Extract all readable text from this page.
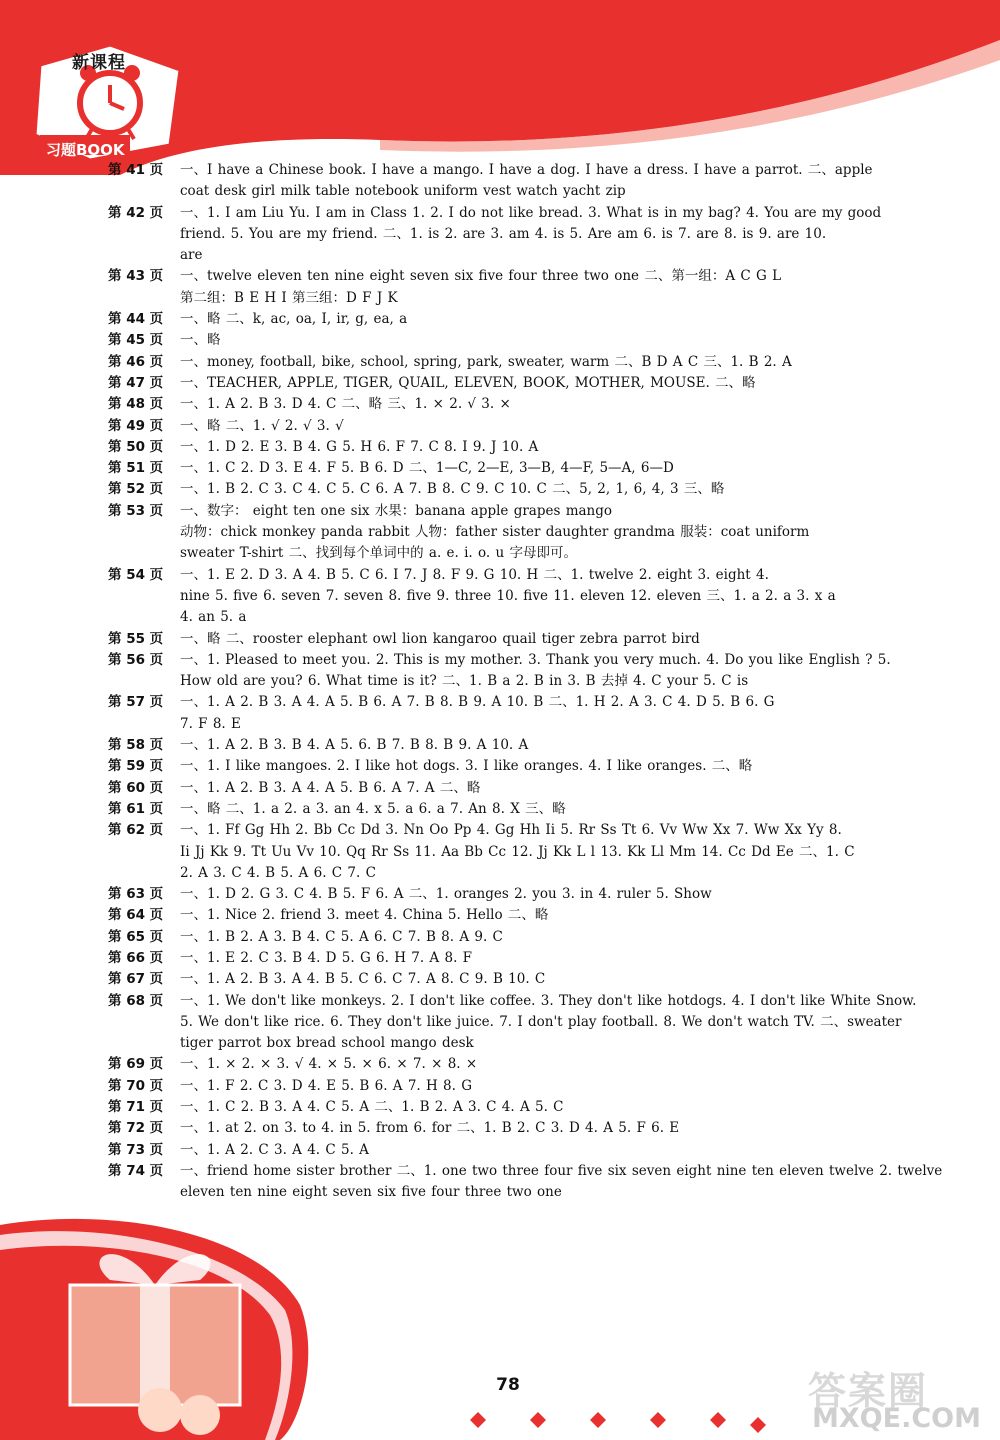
新课程
习题BOOK
第 41 页	一、I have a Chinese book. I have a mango. I have a dog. I have a dress. I have a parrot. 二、apple
coat desk girl milk table notebook uniform vest watch yacht zip
第 42 页	一、1. I am Liu Yu. I am in Class 1. 2. I do not like bread. 3. What is in my bag? 4. You are my good
friend. 5. You are my friend. 二、1. is 2. are 3. am 4. is 5. Are am 6. is 7. are 8. is 9. are 10.
are
第 43 页	一、twelve eleven ten nine eight seven six five four three two one 二、第一组：A C G L
第二组：B E H I 第三组：D F J K
第 44 页	一、略 二、k, ac, oa, I, ir, g, ea, a
第 45 页	一、略
第 46 页	一、money, football, bike, school, spring, park, sweater, warm 二、B D A C 三、1. B 2. A
第 47 页	一、TEACHER, APPLE, TIGER, QUAIL, ELEVEN, BOOK, MOTHER, MOUSE. 二、略
第 48 页	一、1. A 2. B 3. D 4. C 二、略 三、1. × 2. √ 3. ×
第 49 页	一、略 二、1. √ 2. √ 3. √
第 50 页	一、1. D 2. E 3. B 4. G 5. H 6. F 7. C 8. I 9. J 10. A
第 51 页	一、1. C 2. D 3. E 4. F 5. B 6. D 二、1—C, 2—E, 3—B, 4—F, 5—A, 6—D
第 52 页	一、1. B 2. C 3. C 4. C 5. C 6. A 7. B 8. C 9. C 10. C 二、5, 2, 1, 6, 4, 3 三、略
第 53 页	一、数字： eight ten one six 水果：banana apple grapes mango
动物：chick monkey panda rabbit 人物：father sister daughter grandma 服装：coat uniform
sweater T-shirt 二、找到每个单词中的 a. e. i. o. u 字母即可。
第 54 页	一、1. E 2. D 3. A 4. B 5. C 6. I 7. J 8. F 9. G 10. H 二、1. twelve 2. eight 3. eight 4.
nine 5. five 6. seven 7. seven 8. five 9. three 10. five 11. eleven 12. eleven 三、1. a 2. a 3. x a
4. an 5. a
第 55 页	一、略 二、rooster elephant owl lion kangaroo quail tiger zebra parrot bird
第 56 页	一、1. Pleased to meet you. 2. This is my mother. 3. Thank you very much. 4. Do you like English ? 5.
How old are you? 6. What time is it? 二、1. B a 2. B in 3. B 去掉 4. C your 5. C is
第 57 页	一、1. A 2. B 3. A 4. A 5. B 6. A 7. B 8. B 9. A 10. B 二、1. H 2. A 3. C 4. D 5. B 6. G
7. F 8. E
第 58 页	一、1. A 2. B 3. B 4. A 5. 6. B 7. B 8. B 9. A 10. A
第 59 页	一、1. I like mangoes. 2. I like hot dogs. 3. I like oranges. 4. I like oranges. 二、略
第 60 页	一、1. A 2. B 3. A 4. A 5. B 6. A 7. A 二、略
第 61 页	一、略 二、1. a 2. a 3. an 4. x 5. a 6. a 7. An 8. X 三、略
第 62 页	一、1. Ff Gg Hh 2. Bb Cc Dd 3. Nn Oo Pp 4. Gg Hh Ii 5. Rr Ss Tt 6. Vv Ww Xx 7. Ww Xx Yy 8.
Ii Jj Kk 9. Tt Uu Vv 10. Qq Rr Ss 11. Aa Bb Cc 12. Jj Kk L l 13. Kk Ll Mm 14. Cc Dd Ee 二、1. C
2. A 3. C 4. B 5. A 6. C 7. C
第 63 页	一、1. D 2. G 3. C 4. B 5. F 6. A 二、1. oranges 2. you 3. in 4. ruler 5. Show
第 64 页	一、1. Nice 2. friend 3. meet 4. China 5. Hello 二、略
第 65 页	一、1. B 2. A 3. B 4. C 5. A 6. C 7. B 8. A 9. C
第 66 页	一、1. E 2. C 3. B 4. D 5. G 6. H 7. A 8. F
第 67 页	一、1. A 2. B 3. A 4. B 5. C 6. C 7. A 8. C 9. B 10. C
第 68 页	一、1. We don't like monkeys. 2. I don't like coffee. 3. They don't like hotdogs. 4. I don't like White Snow.
5. We don't like rice. 6. They don't like juice. 7. I don't play football. 8. We don't watch TV. 二、sweater
tiger parrot box bread school mango desk
第 69 页	一、1. × 2. × 3. √ 4. × 5. × 6. × 7. × 8. ×
第 70 页	一、1. F 2. C 3. D 4. E 5. B 6. A 7. H 8. G
第 71 页	一、1. C 2. B 3. A 4. C 5. A 二、1. B 2. A 3. C 4. A 5. C
第 72 页	一、1. at 2. on 3. to 4. in 5. from 6. for 二、1. B 2. C 3. D 4. A 5. F 6. E
第 73 页	一、1. A 2. C 3. A 4. C 5. A
第 74 页	一、friend home sister brother 二、1. one two three four five six seven eight nine ten eleven twelve 2. twelve
eleven ten nine eight seven six five four three two one
78	答案圈
MXQE.COM
